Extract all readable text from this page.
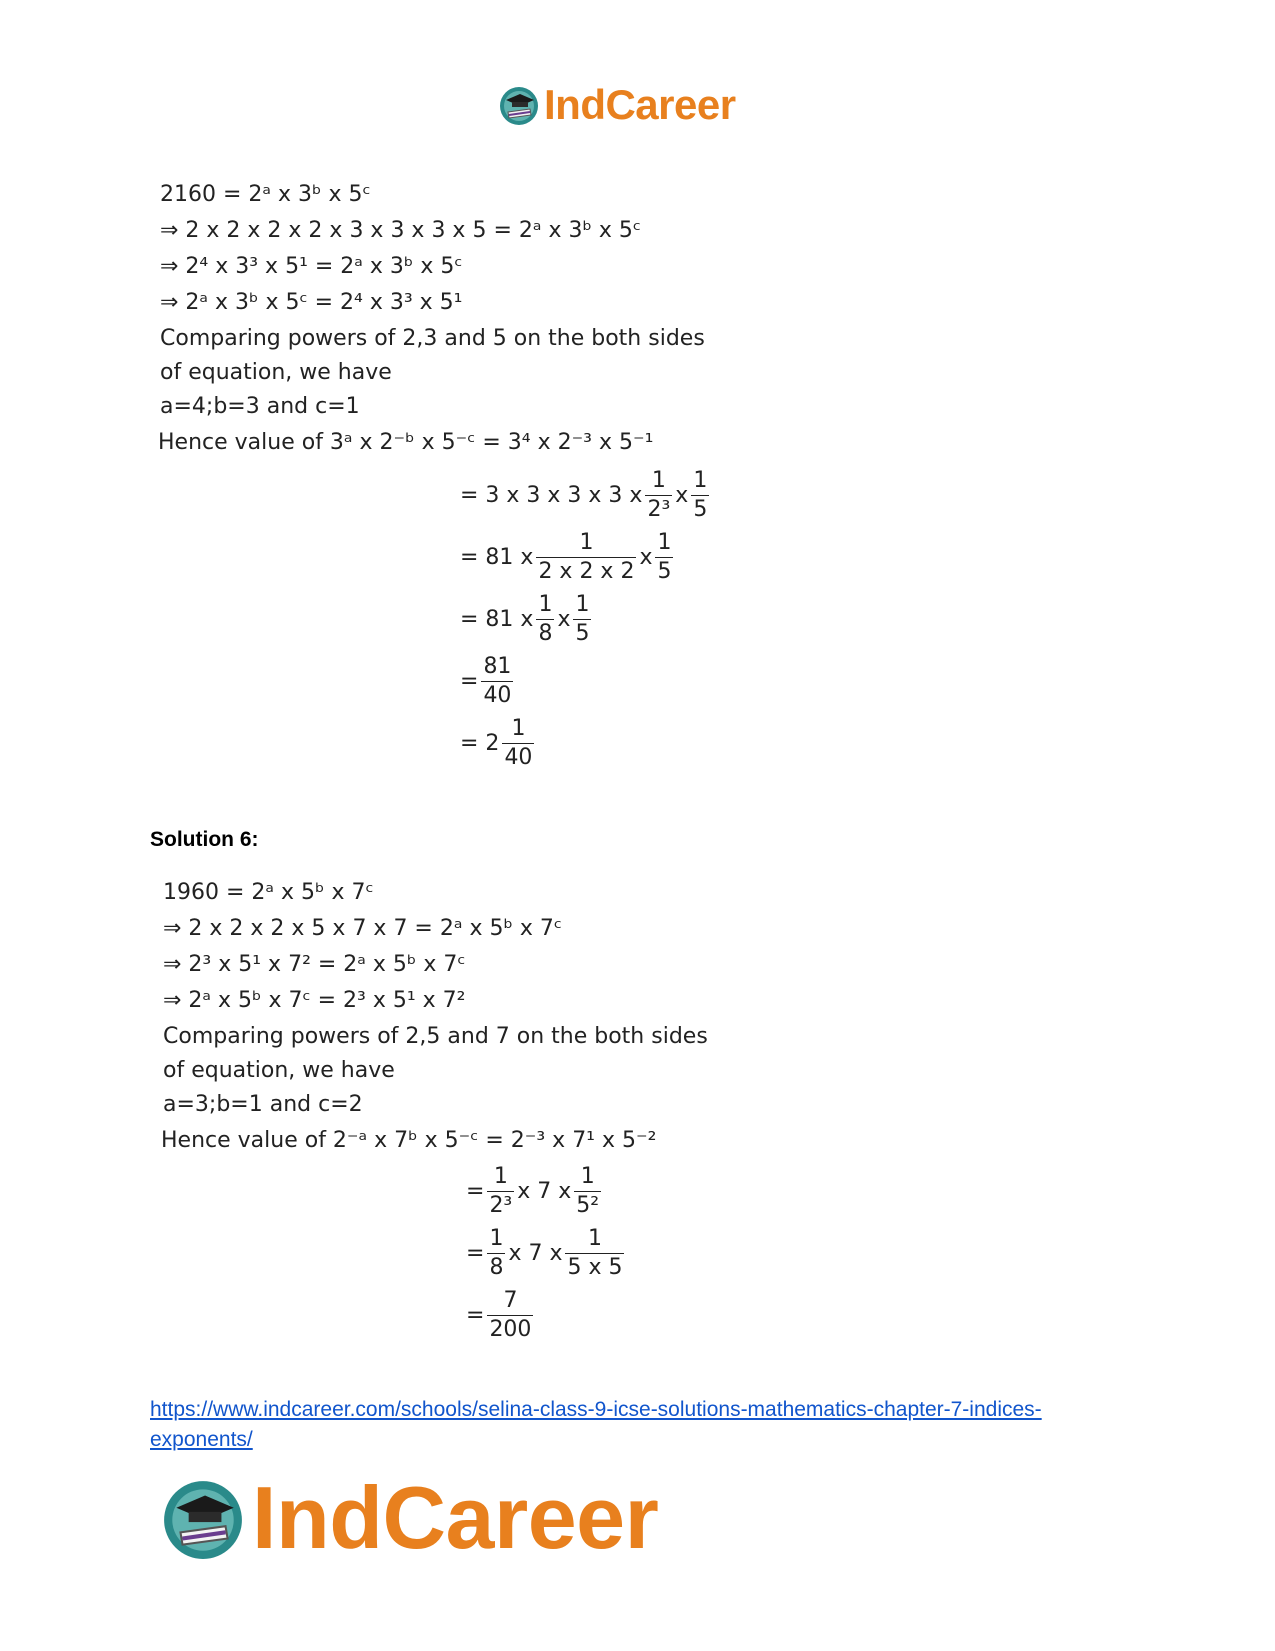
IndCareer
2160 = 2ᵃ x 3ᵇ x 5ᶜ
⇒ 2 x 2 x 2 x 2 x 3 x 3 x 3 x 5 = 2ᵃ x 3ᵇ x 5ᶜ
⇒ 2⁴ x 3³ x 5¹ = 2ᵃ x 3ᵇ x 5ᶜ
⇒ 2ᵃ x 3ᵇ x 5ᶜ = 2⁴ x 3³ x 5¹
Comparing powers of 2,3 and 5 on the both sides
of equation, we have
a=4;b=3 and c=1
Hence value of 3ᵃ x 2⁻ᵇ x 5⁻ᶜ = 3⁴ x 2⁻³ x 5⁻¹
= 3 x 3 x 3 x 3 x $\frac{1}{\text{2³}}$ x $\frac{1}{5}$
= 81 x $\frac{1}{2 x 2 x 2}$ x $\frac{1}{5}$
= 81 x $\frac{1}{8}$ x $\frac{1}{5}$
= $\frac{81}{40}$
= $2 \frac{1}{40}$
Solution 6:
1960 = 2ᵃ x 5ᵇ x 7ᶜ
⇒ 2 x 2 x 2 x 5 x 7 x 7 = 2ᵃ x 5ᵇ x 7ᶜ
⇒ 2³ x 5¹ x 7² = 2ᵃ x 5ᵇ x 7ᶜ
⇒ 2ᵃ x 5ᵇ x 7ᶜ = 2³ x 5¹ x 7²
Comparing powers of 2,5 and 7 on the both sides
of equation, we have
a=3;b=1 and c=2
Hence value of 2⁻ᵃ x 7ᵇ x 5⁻ᶜ = 2⁻³ x 7¹ x 5⁻²
= $\frac{1}{\text{2³}}$ x 7 x $\frac{1}{\text{5²}}$
= $\frac{1}{8}$ x 7 x $\frac{1}{5 x 5}$
= $\frac{7}{200}$
https://www.indcareer.com/schools/selina-class-9-icse-solutions-mathematics-chapter-7-indices-exponents/
IndCareer
